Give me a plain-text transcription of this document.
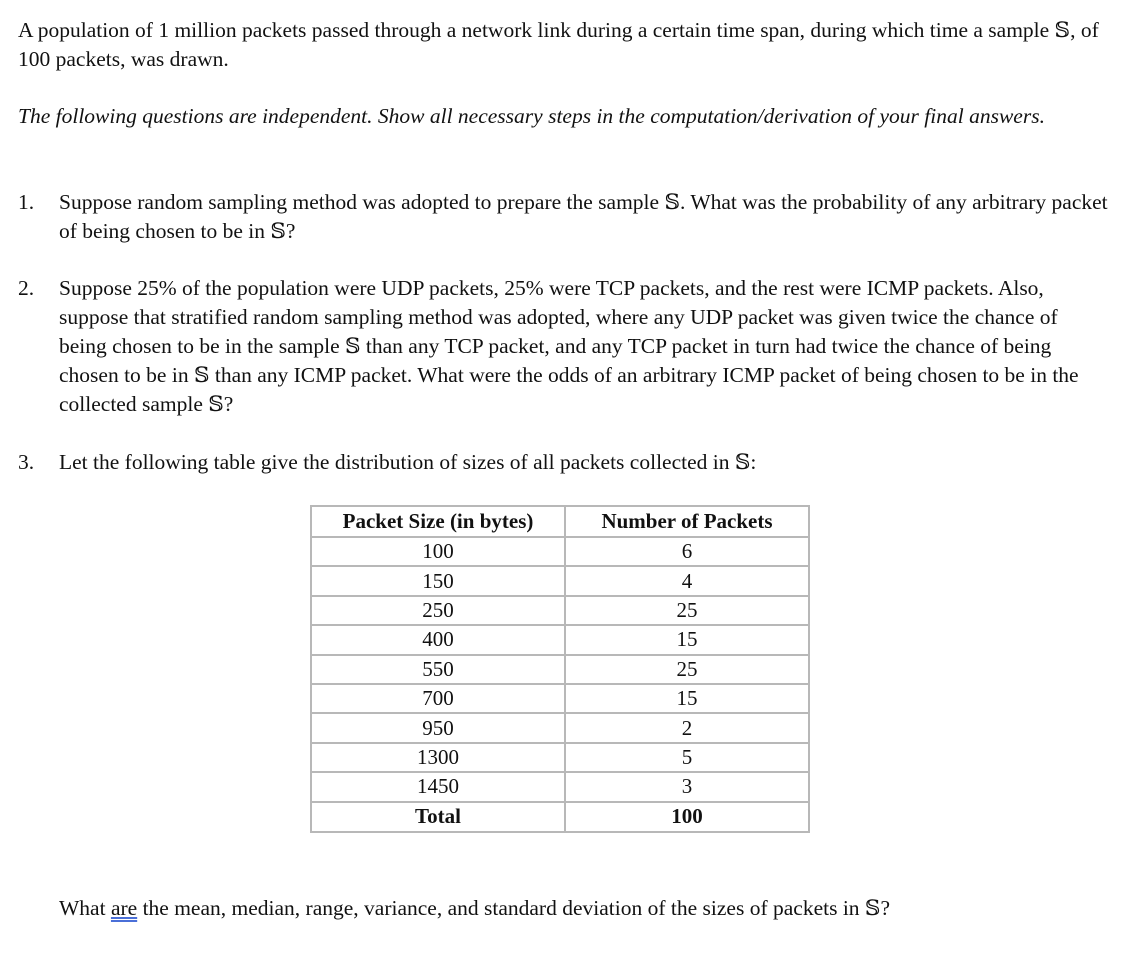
A population of 1 million packets passed through a network link during a certain time span, during which time a sample 𝕊, of 100 packets, was drawn.

The following questions are independent. Show all necessary steps in the computation/derivation of your final answers.

1.	Suppose random sampling method was adopted to prepare the sample 𝕊. What was the probability of any arbitrary packet of being chosen to be in 𝕊?
2.	Suppose 25% of the population were UDP packets, 25% were TCP packets, and the rest were ICMP packets. Also, suppose that stratified random sampling method was adopted, where any UDP packet was given twice the chance of being chosen to be in the sample 𝕊 than any TCP packet, and any TCP packet in turn had twice the chance of being chosen to be in 𝕊 than any ICMP packet. What were the odds of an arbitrary ICMP packet of being chosen to be in the collected sample 𝕊?
3.	Let the following table give the distribution of sizes of all packets collected in 𝕊:
Packet Size (in bytes)	Number of Packets
100	6
150	4
250	25
400	15
550	25
700	15
950	2
1300	5
1450	3
Total	100

What are the mean, median, range, variance, and standard deviation of the sizes of packets in 𝕊?
